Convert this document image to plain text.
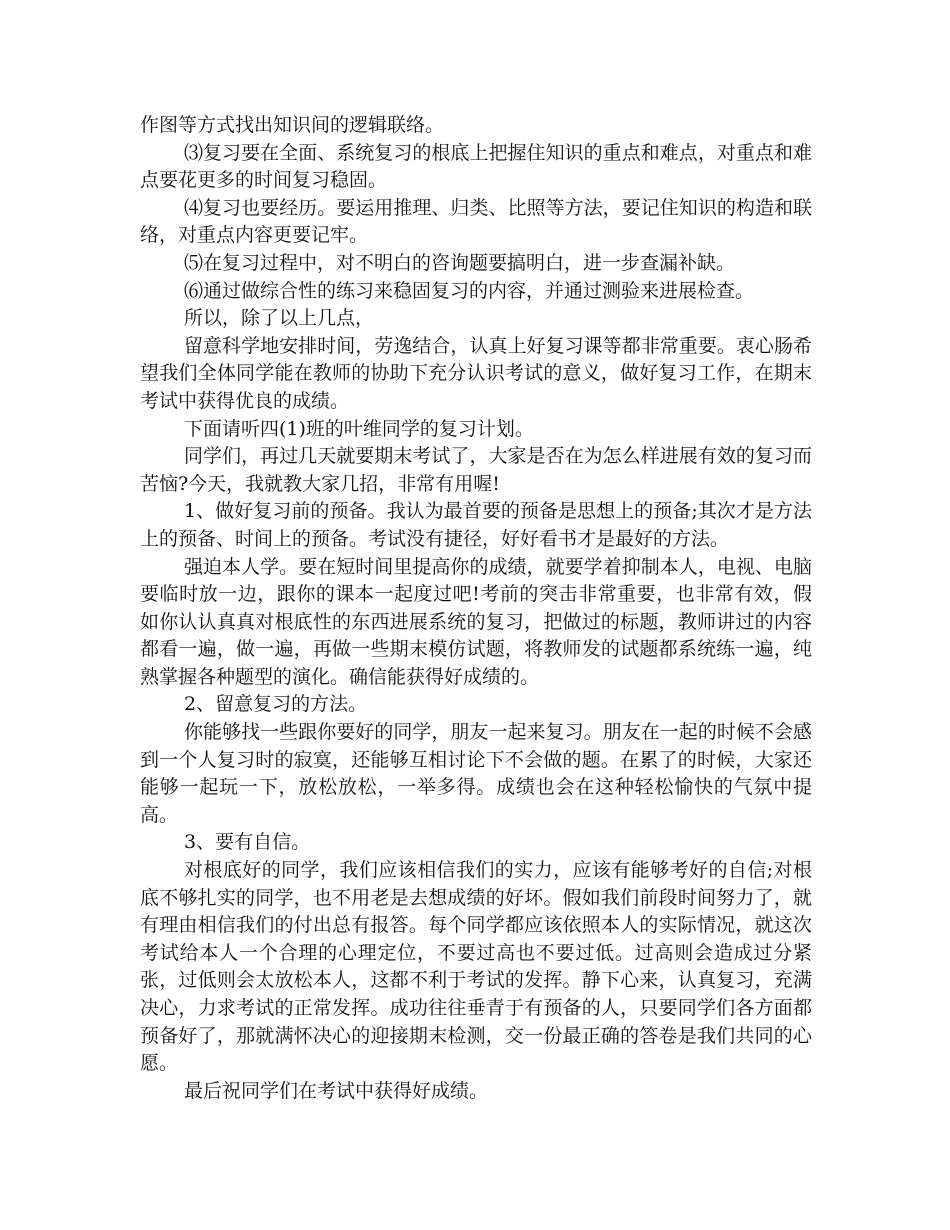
作图等方式找出知识间的逻辑联络。

⑶复习要在全面、系统复习的根底上把握住知识的重点和难点，对重点和难点要花更多的时间复习稳固。

⑷复习也要经历。要运用推理、归类、比照等方法，要记住知识的构造和联络，对重点内容更要记牢。

⑸在复习过程中，对不明白的咨询题要搞明白，进一步查漏补缺。

⑹通过做综合性的练习来稳固复习的内容，并通过测验来进展检查。

所以，除了以上几点，

留意科学地安排时间，劳逸结合，认真上好复习课等都非常重要。衷心肠希望我们全体同学能在教师的协助下充分认识考试的意义，做好复习工作，在期末考试中获得优良的成绩。

下面请听四(1)班的叶维同学的复习计划。

同学们，再过几天就要期末考试了，大家是否在为怎么样进展有效的复习而苦恼?今天，我就教大家几招，非常有用喔!

1、做好复习前的预备。我认为最首要的预备是思想上的预备;其次才是方法上的预备、时间上的预备。考试没有捷径，好好看书才是最好的方法。

强迫本人学。要在短时间里提高你的成绩，就要学着抑制本人，电视、电脑要临时放一边，跟你的课本一起度过吧!考前的突击非常重要，也非常有效，假如你认认真真对根底性的东西进展系统的复习，把做过的标题，教师讲过的内容都看一遍，做一遍，再做一些期末模仿试题，将教师发的试题都系统练一遍，纯熟掌握各种题型的演化。确信能获得好成绩的。

2、留意复习的方法。

你能够找一些跟你要好的同学，朋友一起来复习。朋友在一起的时候不会感到一个人复习时的寂寞，还能够互相讨论下不会做的题。在累了的时候，大家还能够一起玩一下，放松放松，一举多得。成绩也会在这种轻松愉快的气氛中提高。

3、要有自信。

对根底好的同学，我们应该相信我们的实力，应该有能够考好的自信;对根底不够扎实的同学，也不用老是去想成绩的好坏。假如我们前段时间努力了，就有理由相信我们的付出总有报答。每个同学都应该依照本人的实际情况，就这次考试给本人一个合理的心理定位，不要过高也不要过低。过高则会造成过分紧张，过低则会太放松本人，这都不利于考试的发挥。静下心来，认真复习，充满决心，力求考试的正常发挥。成功往往垂青于有预备的人，只要同学们各方面都预备好了，那就满怀决心的迎接期末检测，交一份最正确的答卷是我们共同的心愿。

最后祝同学们在考试中获得好成绩。
